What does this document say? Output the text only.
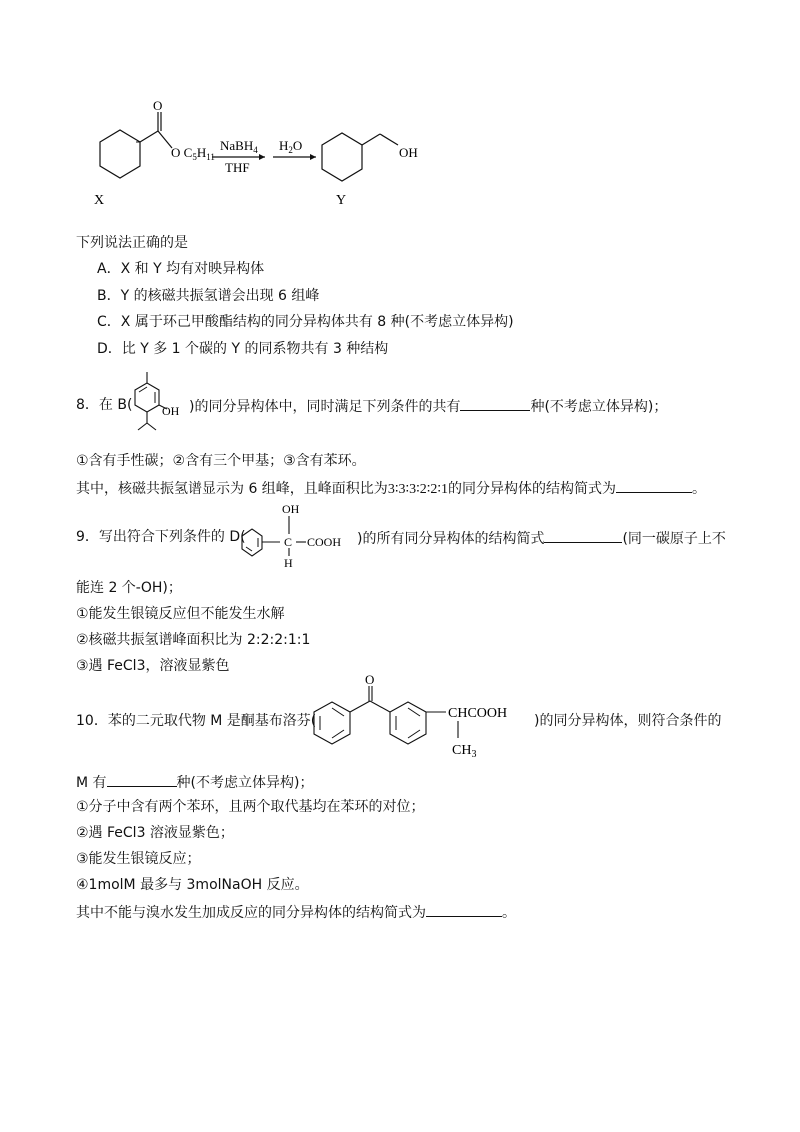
O
O $C_5H_{11}$
X
NaBH$_4$
THF
$H_2O$	OH
Y
下列说法正确的是
A．X 和 Y 均有对映异构体
B．Y 的核磁共振氢谱会出现 6 组峰
C．X 属于环己甲酸酯结构的同分异构体共有 8 种(不考虑立体异构)
D．比 Y 多 1 个碳的 Y 的同系物共有 3 种结构
8．在 B( OH )的同分异构体中，同时满足下列条件的共有	种(不考虑立体异构)；
①含有手性碳；②含有三个甲基；③含有苯环。
其中，核磁共振氢谱显示为 6 组峰，且峰面积比为3∶3∶3∶2∶2∶1的同分异构体的结构简式为	。
9．写出符合下列条件的 D(
OH
C COOH
H
)的所有同分异构体的结构简式	(同一碳原子上不
能连 2 个-OH)；
①能发生银镜反应但不能发生水解
②核磁共振氢谱峰面积比为 2:2:2:1:1
③遇 FeCl3，溶液显紫色
10．苯的二元取代物 M 是酮基布洛芬(
O
CHCOOH
$CH_3$
)的同分异构体，则符合条件的
M 有	种(不考虑立体异构)；
①分子中含有两个苯环，且两个取代基均在苯环的对位；
②遇 FeCl3 溶液显紫色；
③能发生银镜反应；
④1molM 最多与 3molNaOH 反应。
其中不能与溴水发生加成反应的同分异构体的结构简式为	。
